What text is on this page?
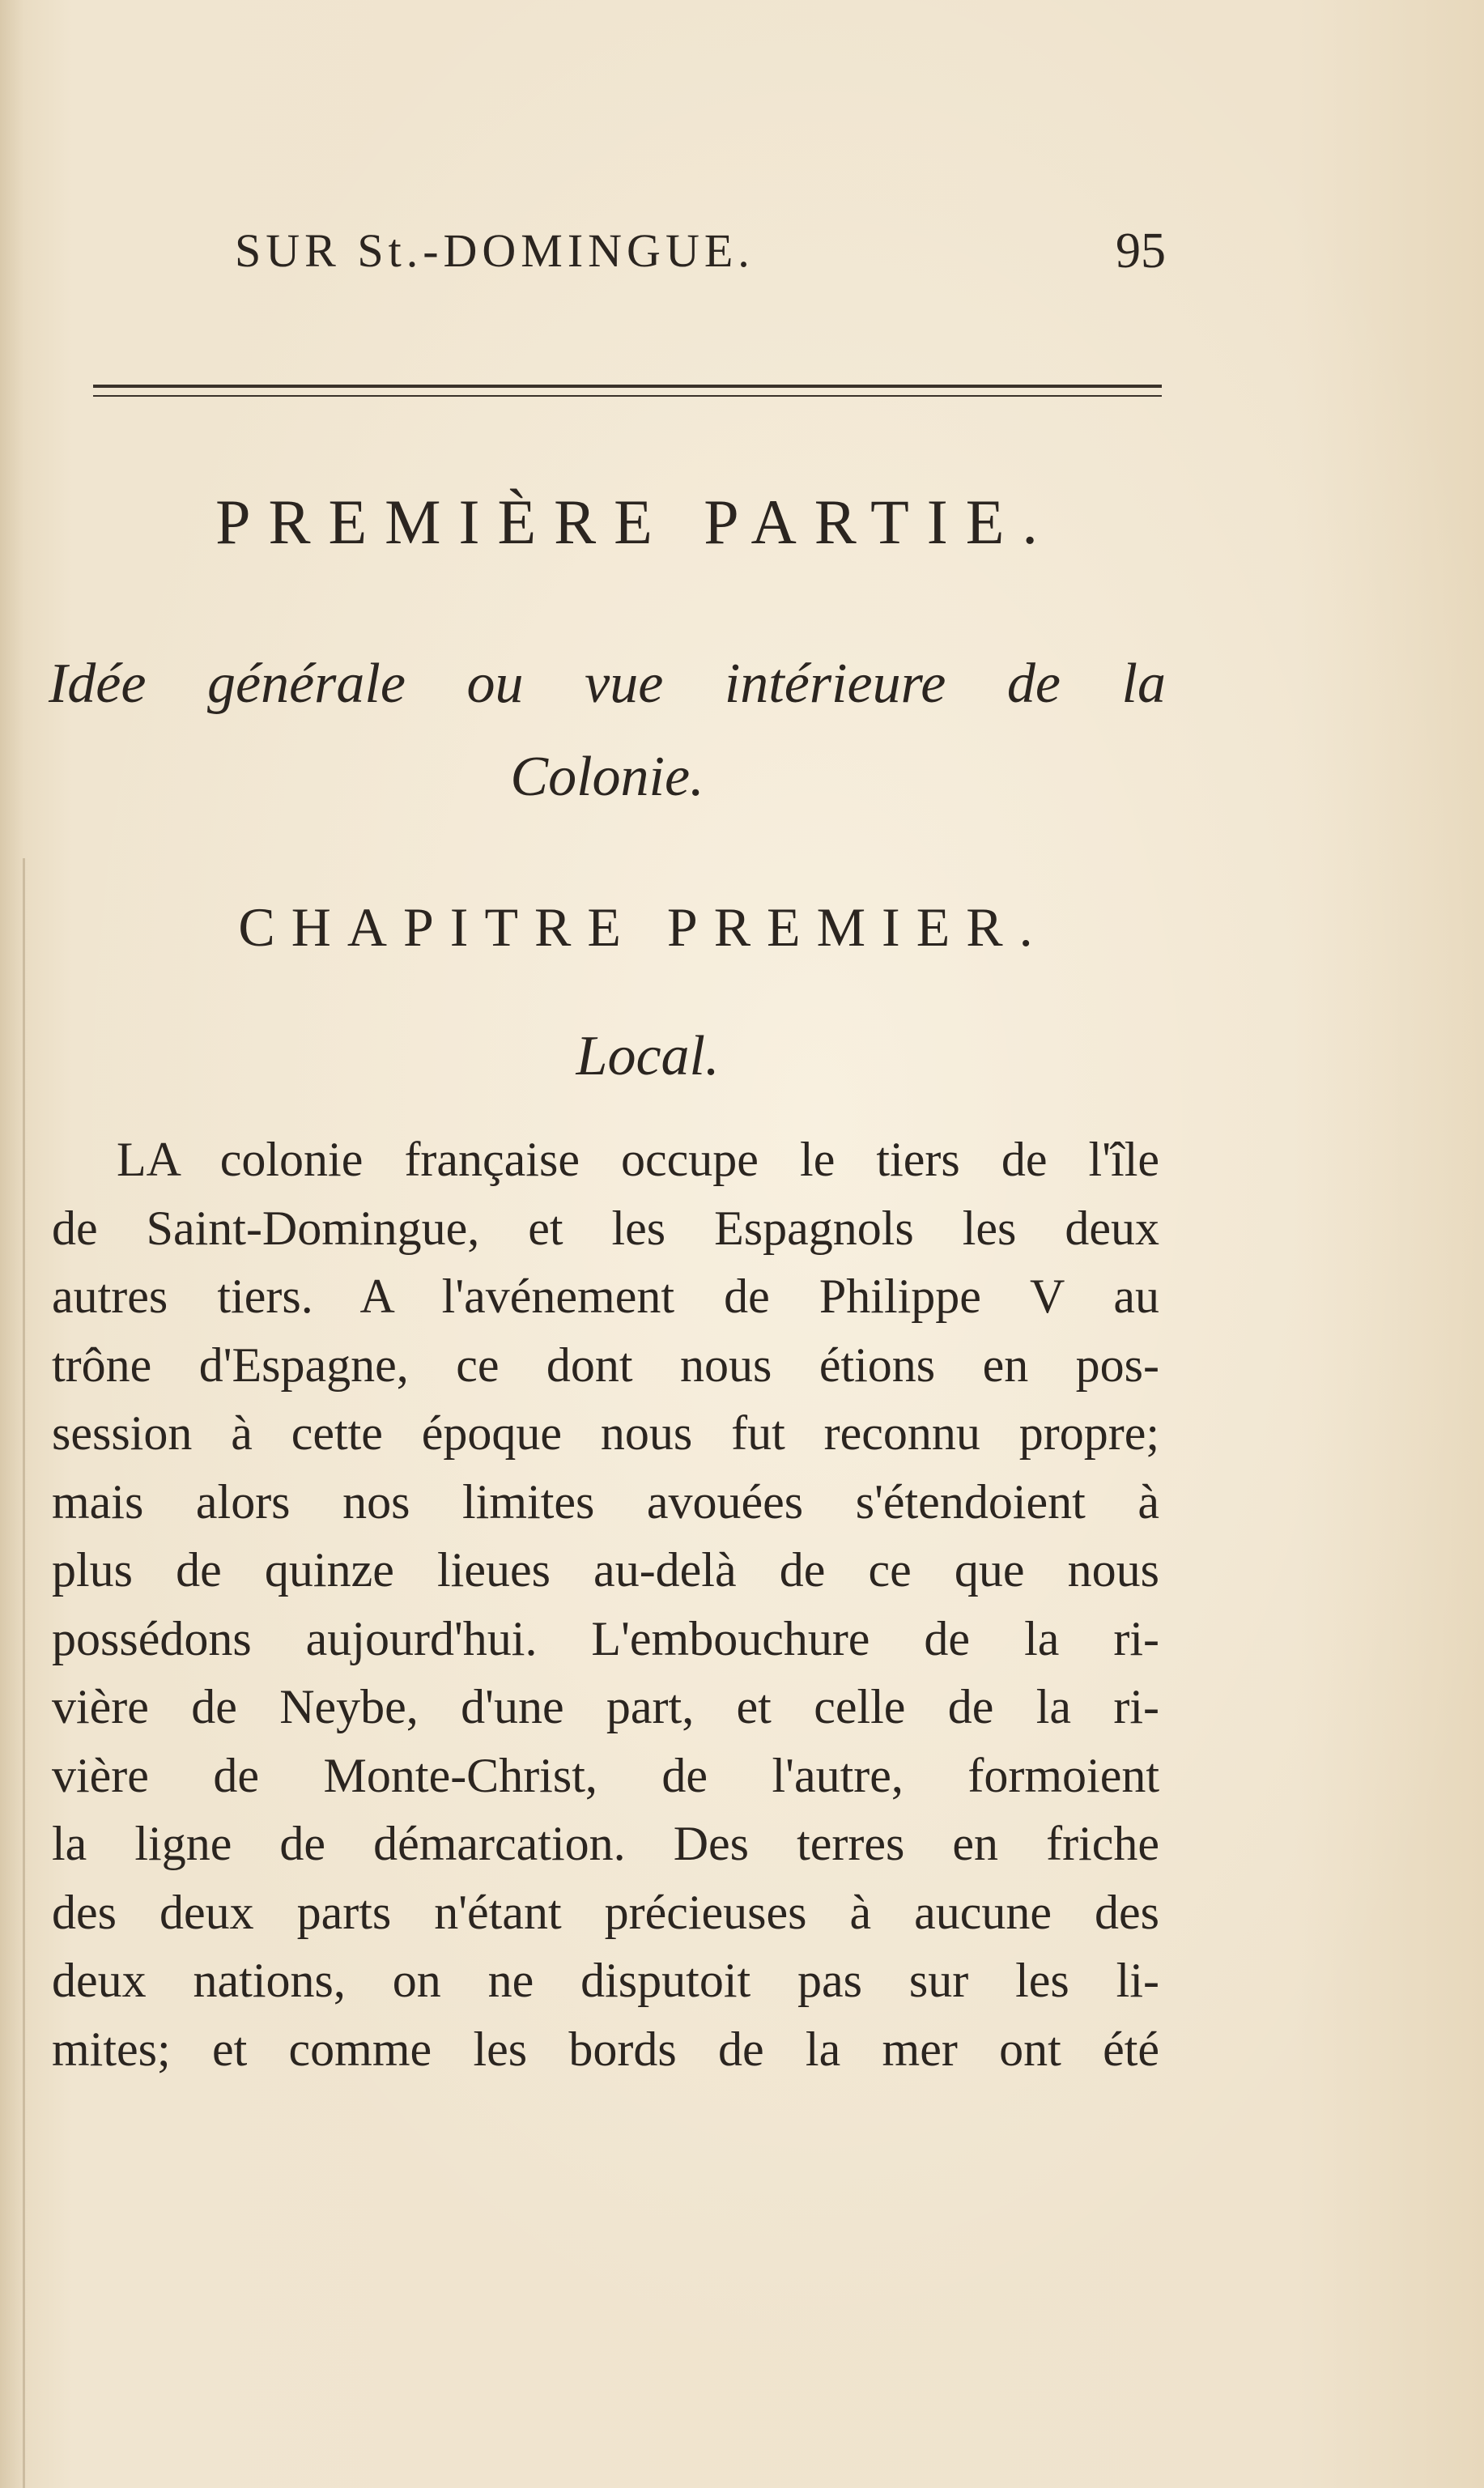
SUR St.-DOMINGUE.	95
PREMIÈRE PARTIE.
Idée générale ou vue intérieure de la
Colonie.
CHAPITRE PREMIER.
Local.
LA colonie française occupe le tiers de l'île
de Saint-Domingue, et les Espagnols les deux
autres tiers. A l'avénement de Philippe V au
trône d'Espagne, ce dont nous étions en pos-
session à cette époque nous fut reconnu propre;
mais alors nos limites avouées s'étendoient à
plus de quinze lieues au-delà de ce que nous
possédons aujourd'hui. L'embouchure de la ri-
vière de Neybe, d'une part, et celle de la ri-
vière de Monte-Christ, de l'autre, formoient
la ligne de démarcation. Des terres en friche
des deux parts n'étant précieuses à aucune des
deux nations, on ne disputoit pas sur les li-
mites; et comme les bords de la mer ont été
